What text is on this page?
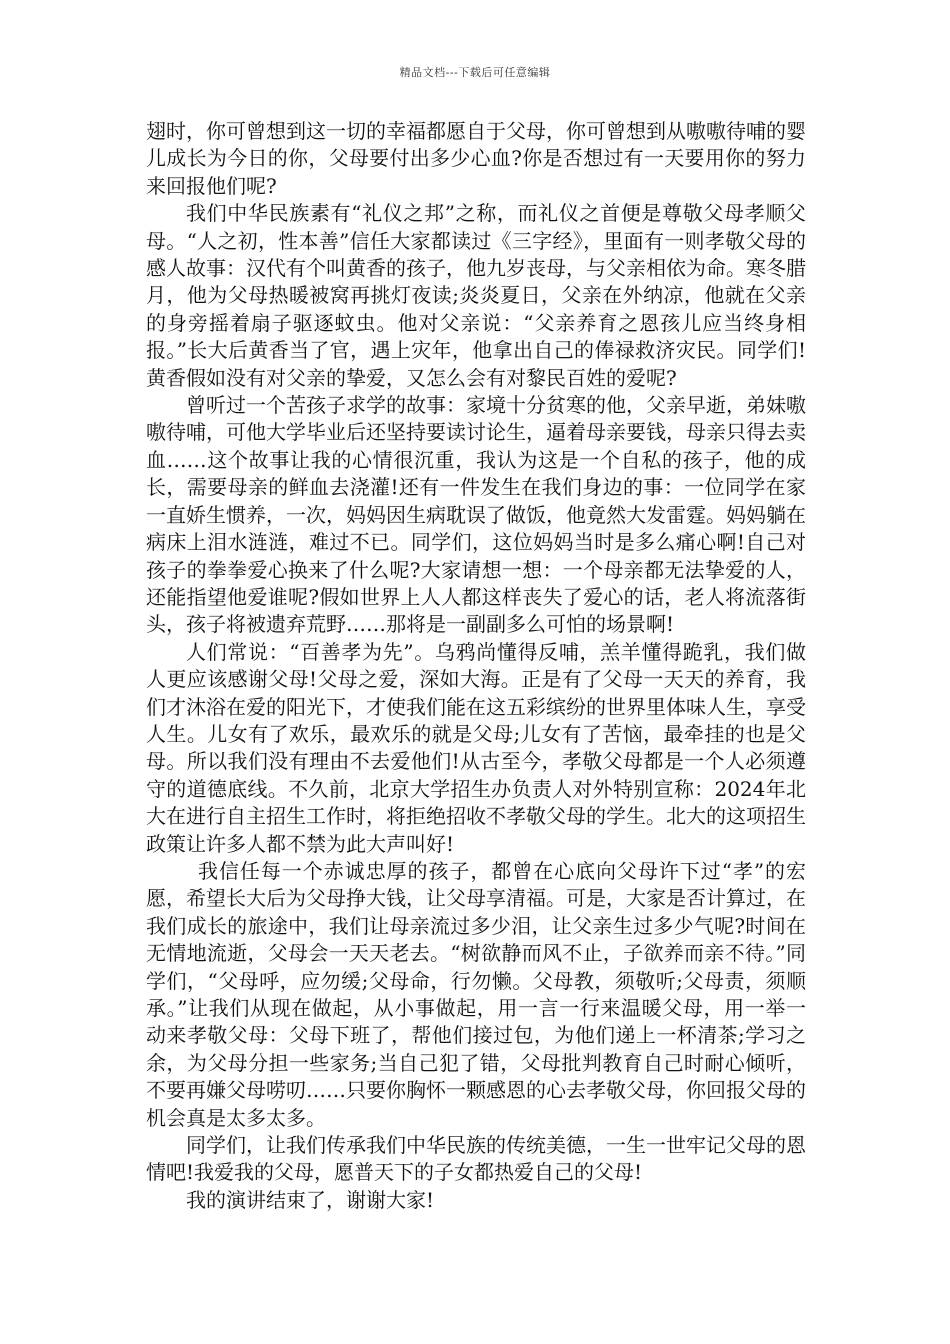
精品文档---下载后可任意编辑

翅时，你可曾想到这一切的幸福都愿自于父母，你可曾想到从嗷嗷待哺的婴儿成长为今日的你，父母要付出多少心血?你是否想过有一天要用你的努力来回报他们呢?

我们中华民族素有“礼仪之邦”之称，而礼仪之首便是尊敬父母孝顺父母。“人之初，性本善”信任大家都读过《三字经》，里面有一则孝敬父母的感人故事：汉代有个叫黄香的孩子，他九岁丧母，与父亲相依为命。寒冬腊月，他为父母热暖被窝再挑灯夜读;炎炎夏日，父亲在外纳凉，他就在父亲的身旁摇着扇子驱逐蚊虫。他对父亲说：“父亲养育之恩孩儿应当终身相报。”长大后黄香当了官，遇上灾年，他拿出自己的俸禄救济灾民。同学们!黄香假如没有对父亲的挚爱，又怎么会有对黎民百姓的爱呢?

曾听过一个苦孩子求学的故事：家境十分贫寒的他，父亲早逝，弟妹嗷嗷待哺，可他大学毕业后还坚持要读讨论生，逼着母亲要钱，母亲只得去卖血……这个故事让我的心情很沉重，我认为这是一个自私的孩子，他的成长，需要母亲的鲜血去浇灌!还有一件发生在我们身边的事：一位同学在家一直娇生惯养，一次，妈妈因生病耽误了做饭，他竟然大发雷霆。妈妈躺在病床上泪水涟涟，难过不已。同学们，这位妈妈当时是多么痛心啊!自己对孩子的拳拳爱心换来了什么呢?大家请想一想：一个母亲都无法挚爱的人，还能指望他爱谁呢?假如世界上人人都这样丧失了爱心的话，老人将流落街头，孩子将被遗弃荒野……那将是一副副多么可怕的场景啊!

人们常说：“百善孝为先”。乌鸦尚懂得反哺，羔羊懂得跪乳，我们做人更应该感谢父母!父母之爱，深如大海。正是有了父母一天天的养育，我们才沐浴在爱的阳光下，才使我们能在这五彩缤纷的世界里体味人生，享受人生。儿女有了欢乐，最欢乐的就是父母;儿女有了苦恼，最牵挂的也是父母。所以我们没有理由不去爱他们!从古至今，孝敬父母都是一个人必须遵守的道德底线。不久前，北京大学招生办负责人对外特别宣称：2024年北大在进行自主招生工作时，将拒绝招收不孝敬父母的学生。北大的这项招生政策让许多人都不禁为此大声叫好!

我信任每一个赤诚忠厚的孩子，都曾在心底向父母许下过“孝”的宏愿，希望长大后为父母挣大钱，让父母享清福。可是，大家是否计算过，在我们成长的旅途中，我们让母亲流过多少泪，让父亲生过多少气呢?时间在无情地流逝，父母会一天天老去。“树欲静而风不止，子欲养而亲不待。”同学们，“父母呼，应勿缓;父母命，行勿懒。父母教，须敬听;父母责，须顺承。”让我们从现在做起，从小事做起，用一言一行来温暖父母，用一举一动来孝敬父母：父母下班了，帮他们接过包，为他们递上一杯清茶;学习之余，为父母分担一些家务;当自己犯了错，父母批判教育自己时耐心倾听，不要再嫌父母唠叨……只要你胸怀一颗感恩的心去孝敬父母，你回报父母的机会真是太多太多。

同学们，让我们传承我们中华民族的传统美德，一生一世牢记父母的恩情吧!我爱我的父母，愿普天下的子女都热爱自己的父母!

我的演讲结束了，谢谢大家!
